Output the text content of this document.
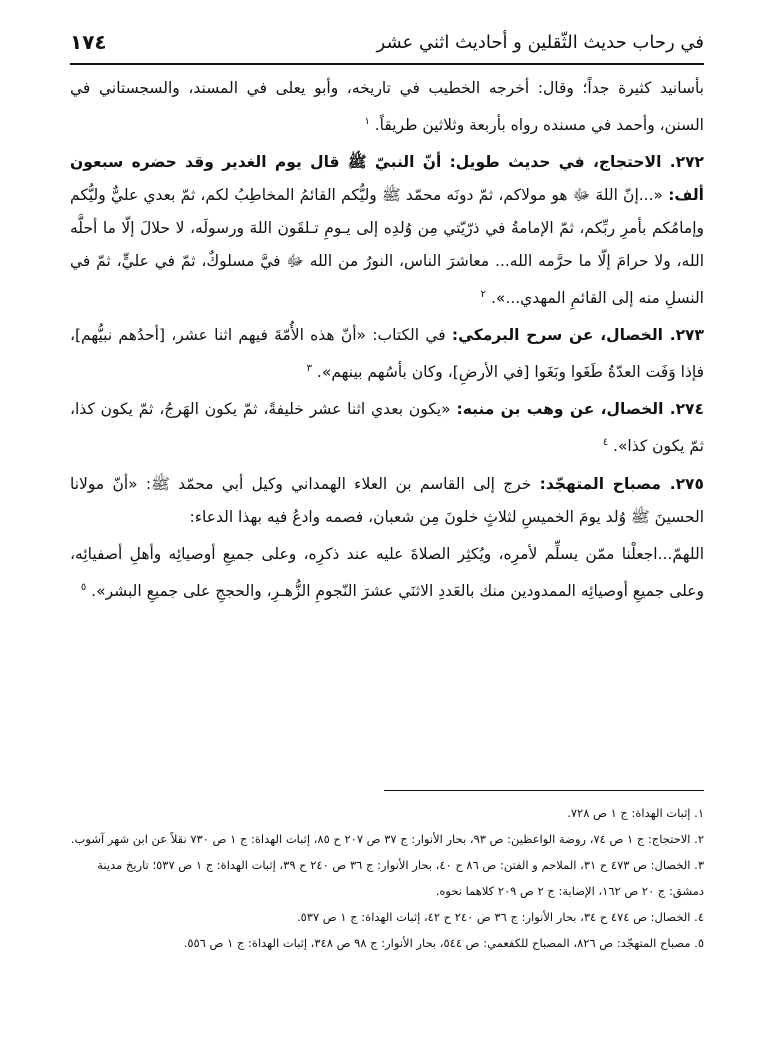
١٧٤	في رحاب حديث الثّقلين و أحاديث اثني عشر

بأسانيد كثيرة جداً؛ وقال: أخرجه الخطيب في تاريخه، وأبو يعلى في المسند، والسجستاني في السنن، وأحمد في مسنده رواه بأربعة وثلاثين طريقاً. $^١$

٢٧٢. الاحتجاج، في حديث طويل: أنّ النبيّ ﷺ قال يوم الغدير وقد حضره سبعون ألف: «...إنّ اللهَ ﷻ هو مولاكم، ثمّ دونَه محمّد ﷺ وليُّكم القائمُ المخاطِبُ لكم، ثمّ بعدي عليٌّ وليُّكم وإمامُكم بأمرِ ربِّكم، ثمّ الإمامةُ في ذرّيّتي مِن وُلدِه إلى يـومِ تـلقَون اللهَ ورسولَه، لا حلالَ إلّا ما أحلَّه الله، ولا حرامَ إلّا ما حرَّمه الله... معاشرَ الناس، النورُ من الله ﷻ فيَّ مسلوكٌ، ثمّ في عليٍّ، ثمّ في النسلِ منه إلى القائمِ المهدي...». $^٢$

٢٧٣. الخصال، عن سرح البرمكي: في الكتاب: «أنّ هذه الأُمّةَ فيهم اثنا عشر، [أحدُهم نبيُّهم]، فإذا وَفَت العدّةُ طَغَوا وبَغَوا [في الأرضِ]، وكان بأسُهم بينهم». $^٣$

٢٧٤. الخصال، عن وهب بن منبه: «يكون بعدي اثنا عشر خليفةً، ثمّ يكون الهَرجُ، ثمّ يكون كذا، ثمّ يكون كذا». $^٤$

٢٧٥. مصباح المتهجّد: خرج إلى القاسم بن العلاء الهمداني وكيل أبي محمّد ﷺ: «أنّ مولانا الحسينَ ﷺ وُلد يومَ الخميسِ لثلاثٍ خلونَ مِن شعبان، فصمه وادعُ فيه بهذا الدعاء:

اللهمّ...اجعلْنا ممّن يسلِّم لأمرِه، ويُكثِر الصلاةَ عليه عند ذكرِه، وعلى جميعِ أوصيائِه وأهلِ أصفيائِه، وعلى جميعِ أوصيائِه الممدودين منك بالعَددِ الاثنَي عشرَ النّجومِ الزُّهـرِ، والحججِ على جميعِ البشر». $^٥$

١. إثبات الهداة: ج ١ ص ٧٢٨.

٢. الاحتجاج: ج ١ ص ٧٤، روضة الواعظين: ص ٩٣، بحار الأنوار: ج ٣٧ ص ٢٠٧ ح ٨٥، إثبات الهداة: ج ١ ص ٧٣٠ نقلاً عن ابن شهر آشوب.

٣. الخصال: ص ٤٧٣ ح ٣١، الملاحم و الفتن: ص ٨٦ ح ٤٠، بحار الأنوار: ج ٣٦ ص ٢٤٠ ح ٣٩، إثبات الهداة: ج ١ ص ٥٣٧؛ تاريخ مدينة دمشق: ج ٢٠ ص ١٦٢، الإصابة: ج ٢ ص ٢٠٩ كلاهما نحوه.

٤. الخصال: ص ٤٧٤ ح ٣٤، بحار الأنوار: ج ٣٦ ص ٢٤٠ ح ٤٢، إثبات الهداة: ج ١ ص ٥٣٧.

٥. مصباح المتهجّد: ص ٨٢٦، المصباح للكفعمي: ص ٥٤٤، بحار الأنوار: ج ٩٨ ص ٣٤٨، إثبات الهداة: ج ١ ص ٥٥٦.
